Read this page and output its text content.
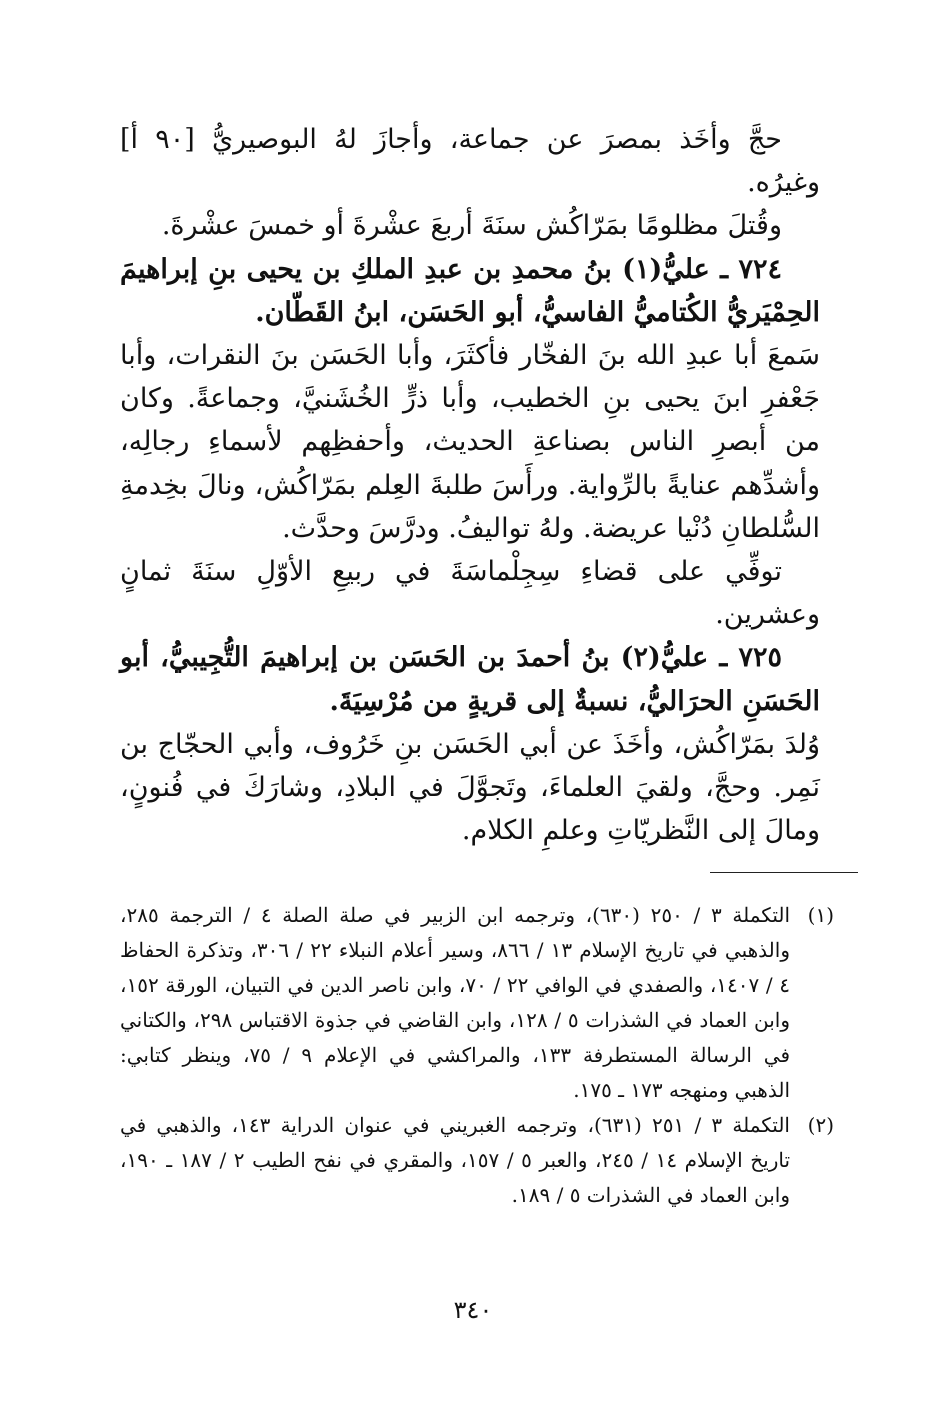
حجَّ وأخَذ بمصرَ عن جماعة، وأجازَ لهُ البوصيريُّ [٩٠ أ] وغيرُه.

وقُتلَ مظلومًا بمَرّاكُش سنَةَ أربعَ عشْرةَ أو خمسَ عشْرةَ.

٧٢٤ ـ عليُّ(١) بنُ محمدِ بن عبدِ الملكِ بن يحيى بنِ إبراهيمَ الحِمْيَريُّ الكُتاميُّ الفاسيُّ، أبو الحَسَن، ابنُ القَطّان.

سَمعَ أبا عبدِ الله بنَ الفخّار فأكثَرَ، وأبا الحَسَن بنَ النقرات، وأبا جَعْفرِ ابنَ يحيى بنِ الخطيب، وأبا ذرٍّ الخُشَنيَّ، وجماعةً. وكان من أبصرِ الناس بصناعةِ الحديث، وأحفظِهم لأسماءِ رجالِه، وأشدِّهم عنايةً بالرِّواية. ورأَسَ طلبةَ العِلم بمَرّاكُش، ونالَ بخِدمةِ السُّلطانِ دُنْيا عريضة. ولهُ تواليفُ. ودرَّسَ وحدَّث.

توفِّي على قضاءِ سِجِلْماسَةَ في ربيعِ الأوّلِ سنَةَ ثمانٍ وعشرين.

٧٢٥ ـ عليُّ(٢) بنُ أحمدَ بن الحَسَن بن إبراهيمَ التُّجِيبيُّ، أبو الحَسَنِ الحرَاليُّ، نسبةٌ إلى قريةٍ من مُرْسِيَةَ.

وُلدَ بمَرّاكُش، وأخَذَ عن أبي الحَسَن بنِ خَرُوف، وأبي الحجّاج بن نَمِر. وحجَّ، ولقيَ العلماءَ، وتَجوَّلَ في البلادِ، وشارَكَ في فُنونٍ، ومالَ إلى النَّظريّاتِ وعلمِ الكلام.

(١)
التكملة ٣ / ٢٥٠ (٦٣٠)، وترجمه ابن الزبير في صلة الصلة ٤ / الترجمة ٢٨٥، والذهبي في تاريخ الإسلام ١٣ / ٨٦٦، وسير أعلام النبلاء ٢٢ / ٣٠٦، وتذكرة الحفاظ ٤ / ١٤٠٧، والصفدي في الوافي ٢٢ / ٧٠، وابن ناصر الدين في التبيان، الورقة ١٥٢، وابن العماد في الشذرات ٥ / ١٢٨، وابن القاضي في جذوة الاقتباس ٢٩٨، والكتاني في الرسالة المستطرفة ١٣٣، والمراكشي في الإعلام ٩ / ٧٥، وينظر كتابي: الذهبي ومنهجه ١٧٣ ـ ١٧٥.
(٢)
التكملة ٣ / ٢٥١ (٦٣١)، وترجمه الغبريني في عنوان الدراية ١٤٣، والذهبي في تاريخ الإسلام ١٤ / ٢٤٥، والعبر ٥ / ١٥٧، والمقري في نفح الطيب ٢ / ١٨٧ ـ ١٩٠، وابن العماد في الشذرات ٥ / ١٨٩.
٣٤٠
